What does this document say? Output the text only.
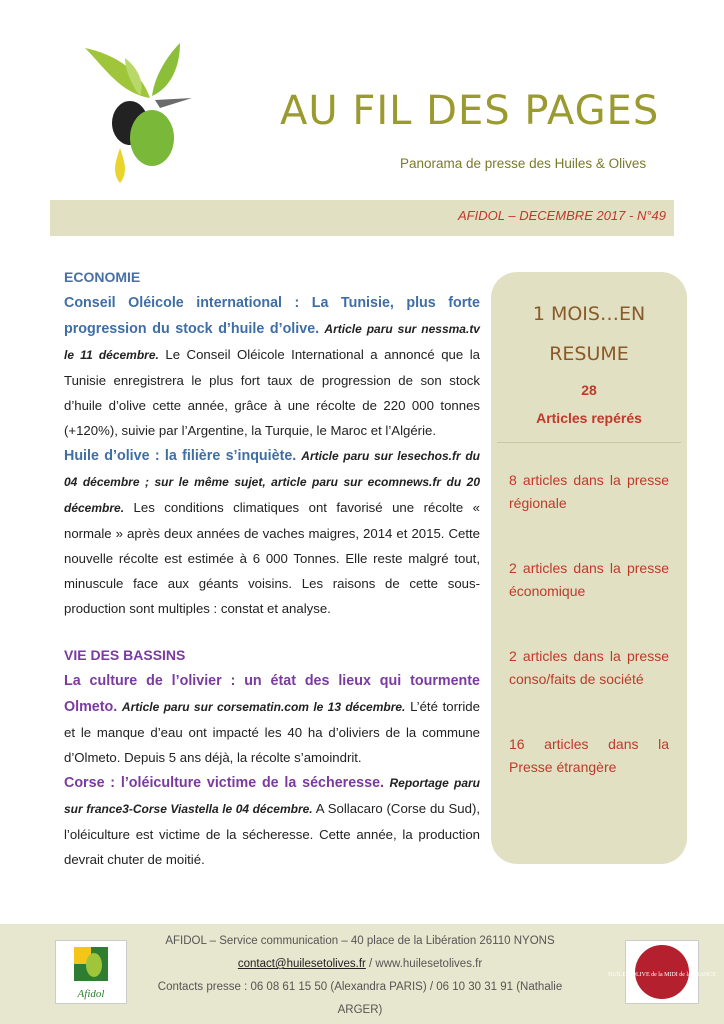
AU FIL DES PAGES
Panorama de presse des Huiles & Olives
AFIDOL – DECEMBRE 2017 - N°49

ECONOMIE

Conseil Oléicole international : La Tunisie, plus forte progression du stock d’huile d’olive. Article paru sur nessma.tv le 11 décembre. Le Conseil Oléicole International a annoncé que la Tunisie enregistrera le plus fort taux de progression de son stock d’huile d’olive cette année, grâce à une récolte de 220 000 tonnes (+120%), suivie par l’Argentine, la Turquie, le Maroc et l’Algérie.

Huile d’olive : la filière s’inquiète. Article paru sur lesechos.fr du 04 décembre ; sur le même sujet, article paru sur ecomnews.fr du 20 décembre. Les conditions climatiques ont favorisé une récolte « normale » après deux années de vaches maigres, 2014 et 2015. Cette nouvelle récolte est estimée à 6 000 Tonnes. Elle reste malgré tout, minuscule face aux géants voisins. Les raisons de cette sous-production sont multiples : constat et analyse.

VIE DES BASSINS

La culture de l’olivier : un état des lieux qui tourmente Olmeto. Article paru sur corsematin.com le 13 décembre. L’été torride et le manque d’eau ont impacté les 40 ha d’oliviers de la commune d’Olmeto. Depuis 5 ans déjà, la récolte s’amoindrit.

Corse : l’oléiculture victime de la sécheresse. Reportage paru sur france3-Corse Viastella le 04 décembre. A Sollacaro (Corse du Sud), l’oléiculture est victime de la sécheresse. Cette année, la production devrait chuter de moitié.

1 MOIS…EN
RESUME
28
Articles repérés
8 articles dans la presse régionale
2 articles dans la presse économique
2 articles dans la presse conso/faits de société
16 articles dans la Presse étrangère
Afidol
AFIDOL – Service communication – 40 place de la Libération 26110 NYONS
contact@huilesetolives.fr / www.huilesetolives.fr
Contacts presse : 06 08 61 15 50 (Alexandra PARIS) / 06 10 30 31 91 (Nathalie ARGER)
HUILE d'OLIVE de la MIDI de la FRANCE
